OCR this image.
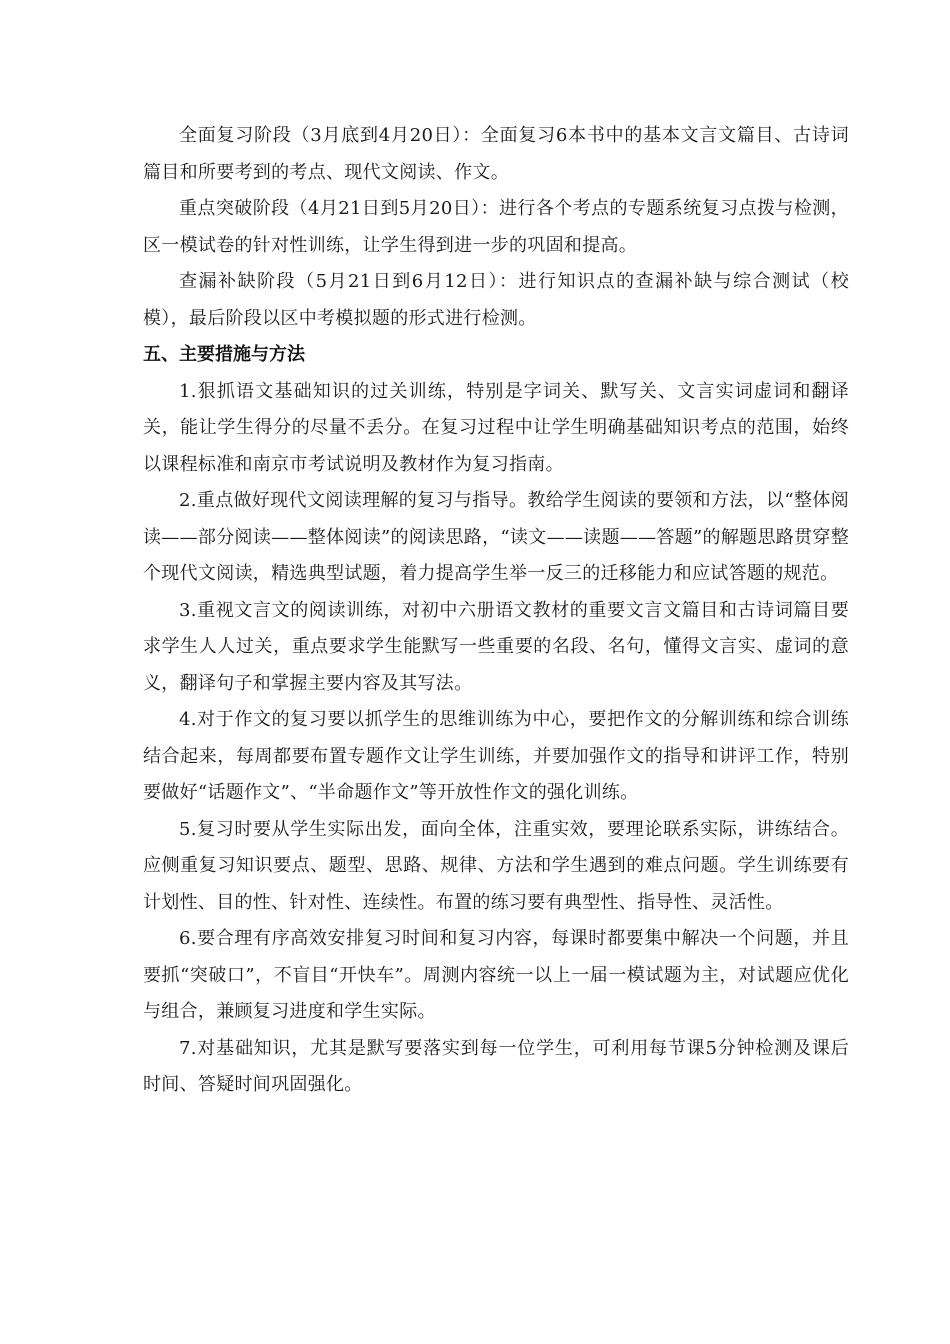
全面复习阶段（3月底到4月20日）：全面复习6本书中的基本文言文篇目、古诗词篇目和所要考到的考点、现代文阅读、作文。

重点突破阶段（4月21日到5月20日）：进行各个考点的专题系统复习点拨与检测，区一模试卷的针对性训练，让学生得到进一步的巩固和提高。

查漏补缺阶段（5月21日到6月12日）：进行知识点的查漏补缺与综合测试（校模），最后阶段以区中考模拟题的形式进行检测。

五、主要措施与方法

1.狠抓语文基础知识的过关训练，特别是字词关、默写关、文言实词虚词和翻译关，能让学生得分的尽量不丢分。在复习过程中让学生明确基础知识考点的范围，始终以课程标准和南京市考试说明及教材作为复习指南。

2.重点做好现代文阅读理解的复习与指导。教给学生阅读的要领和方法，以“整体阅读——部分阅读——整体阅读”的阅读思路，“读文——读题——答题”的解题思路贯穿整个现代文阅读，精选典型试题，着力提高学生举一反三的迁移能力和应试答题的规范。

3.重视文言文的阅读训练，对初中六册语文教材的重要文言文篇目和古诗词篇目要求学生人人过关，重点要求学生能默写一些重要的名段、名句，懂得文言实、虚词的意义，翻译句子和掌握主要内容及其写法。

4.对于作文的复习要以抓学生的思维训练为中心，要把作文的分解训练和综合训练结合起来，每周都要布置专题作文让学生训练，并要加强作文的指导和讲评工作，特别要做好“话题作文”、“半命题作文”等开放性作文的强化训练。

5.复习时要从学生实际出发，面向全体，注重实效，要理论联系实际，讲练结合。应侧重复习知识要点、题型、思路、规律、方法和学生遇到的难点问题。学生训练要有计划性、目的性、针对性、连续性。布置的练习要有典型性、指导性、灵活性。

6.要合理有序高效安排复习时间和复习内容，每课时都要集中解决一个问题，并且要抓“突破口”，不盲目“开快车”。周测内容统一以上一届一模试题为主，对试题应优化与组合，兼顾复习进度和学生实际。

7.对基础知识，尤其是默写要落实到每一位学生，可利用每节课5分钟检测及课后时间、答疑时间巩固强化。
